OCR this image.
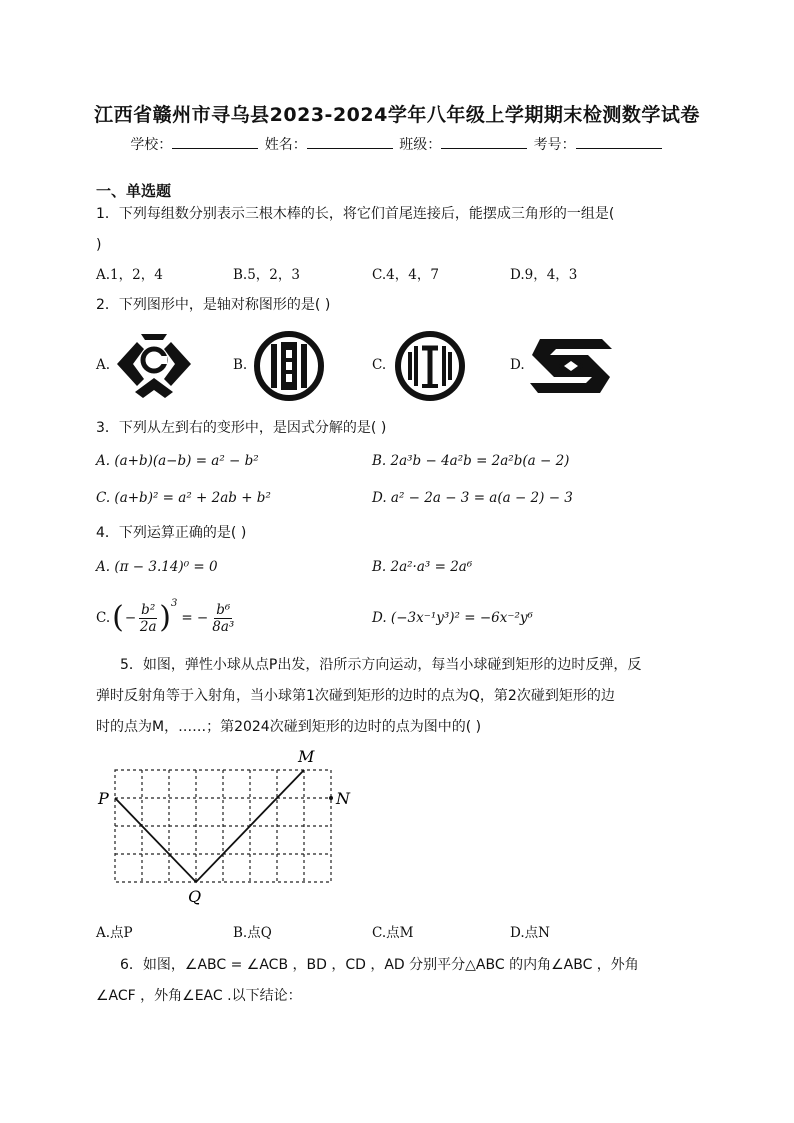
江西省赣州市寻乌县2023-2024学年八年级上学期期末检测数学试卷
学校：	姓名：	班级：	考号：
一、单选题
1．下列每组数分别表示三根木棒的长，将它们首尾连接后，能摆成三角形的一组是(
)
A.1，2，4	B.5，2，3	C.4，4，7	D.9，4，3
2．下列图形中，是轴对称图形的是( )
A.	B.	C.	D.
3．下列从左到右的变形中，是因式分解的是( )
A. (a+b)(a−b) = a² − b²	B. 2a³b − 4a²b = 2a²b(a − 2)
C. (a+b)² = a² + 2ab + b²	D. a² − 2a − 3 = a(a − 2) − 3
4．下列运算正确的是( )
A. (π − 3.14)⁰ = 0	B. 2a²·a³ = 2a⁶
C. ( − $\frac{\text{b²}}{2a} )^3$
= − $\frac{\text{b⁶}}{\text{8a³}}$	D. (−3x⁻¹y³)² = −6x⁻²y⁶
5．如图，弹性小球从点P出发，沿所示方向运动，每当小球碰到矩形的边时反弹，反
弹时反射角等于入射角，当小球第1次碰到矩形的边时的点为Q，第2次碰到矩形的边
时的点为M，……；第2024次碰到矩形的边时的点为图中的( )
P
Q
M
N
A.点P	B.点Q	C.点M	D.点N
6．如图，∠ABC = ∠ACB ，BD ，CD ，AD 分别平分△ABC 的内角∠ABC ，外角
∠ACF ，外角∠EAC .以下结论：
